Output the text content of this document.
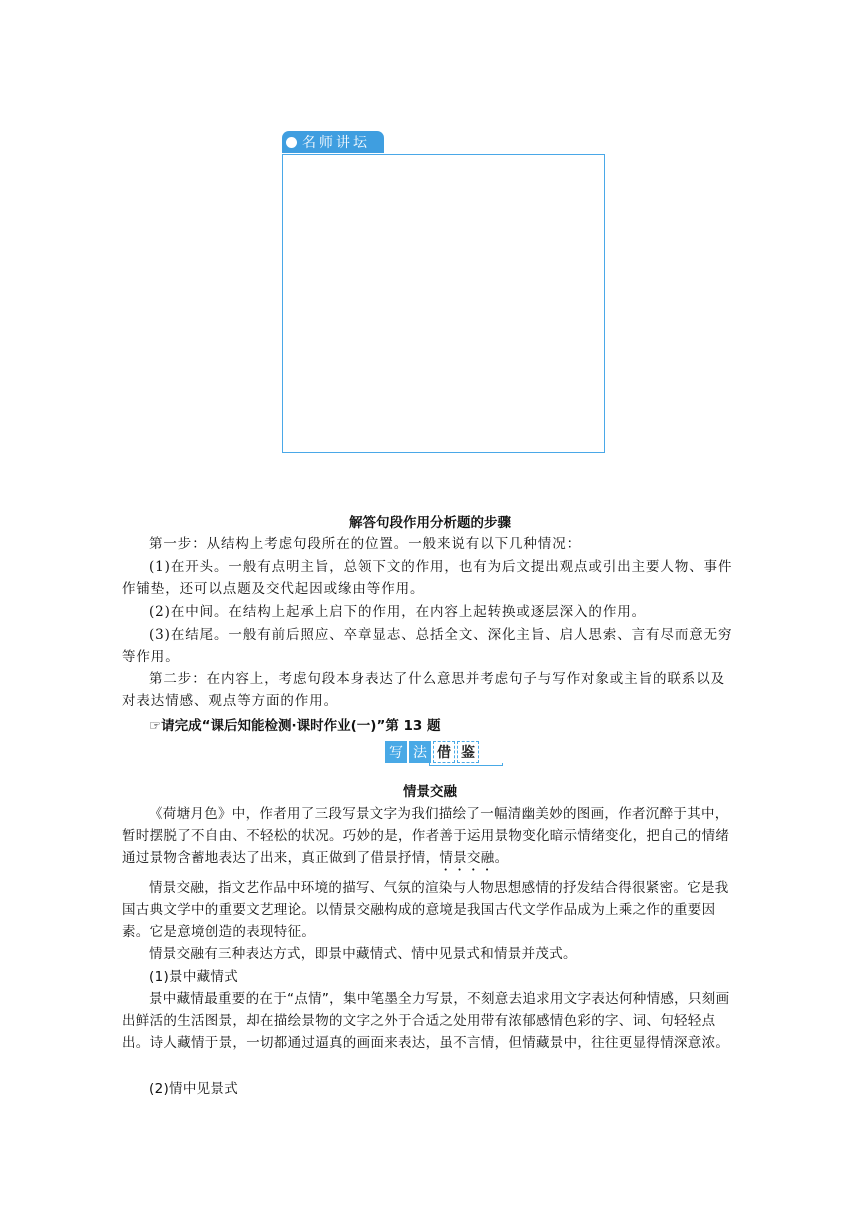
名师讲坛
解答句段作用分析题的步骤
第一步：从结构上考虑句段所在的位置。一般来说有以下几种情况：
(1)在开头。一般有点明主旨，总领下文的作用，也有为后文提出观点或引出主要人物、事件作铺垫，还可以点题及交代起因或缘由等作用。
(2)在中间。在结构上起承上启下的作用，在内容上起转换或逐层深入的作用。
(3)在结尾。一般有前后照应、卒章显志、总括全文、深化主旨、启人思索、言有尽而意无穷等作用。
第二步：在内容上，考虑句段本身表达了什么意思并考虑句子与写作对象或主旨的联系以及对表达情感、观点等方面的作用。
☞请完成“课后知能检测·课时作业(一)”第 13 题
写 法 借 鉴
情景交融
《荷塘月色》中，作者用了三段写景文字为我们描绘了一幅清幽美妙的图画，作者沉醉于其中，暂时摆脱了不自由、不轻松的状况。巧妙的是，作者善于运用景物变化暗示情绪变化，把自己的情绪通过景物含蓄地表达了出来，真正做到了借景抒情，情景交融。
情景交融，指文艺作品中环境的描写、气氛的渲染与人物思想感情的抒发结合得很紧密。它是我国古典文学中的重要文艺理论。以情景交融构成的意境是我国古代文学作品成为上乘之作的重要因素。它是意境创造的表现特征。
情景交融有三种表达方式，即景中藏情式、情中见景式和情景并茂式。
(1)景中藏情式
景中藏情最重要的在于“点情”，集中笔墨全力写景，不刻意去追求用文字表达何种情感，只刻画出鲜活的生活图景，却在描绘景物的文字之外于合适之处用带有浓郁感情色彩的字、词、句轻轻点出。诗人藏情于景，一切都通过逼真的画面来表达，虽不言情，但情藏景中，往往更显得情深意浓。
(2)情中见景式
